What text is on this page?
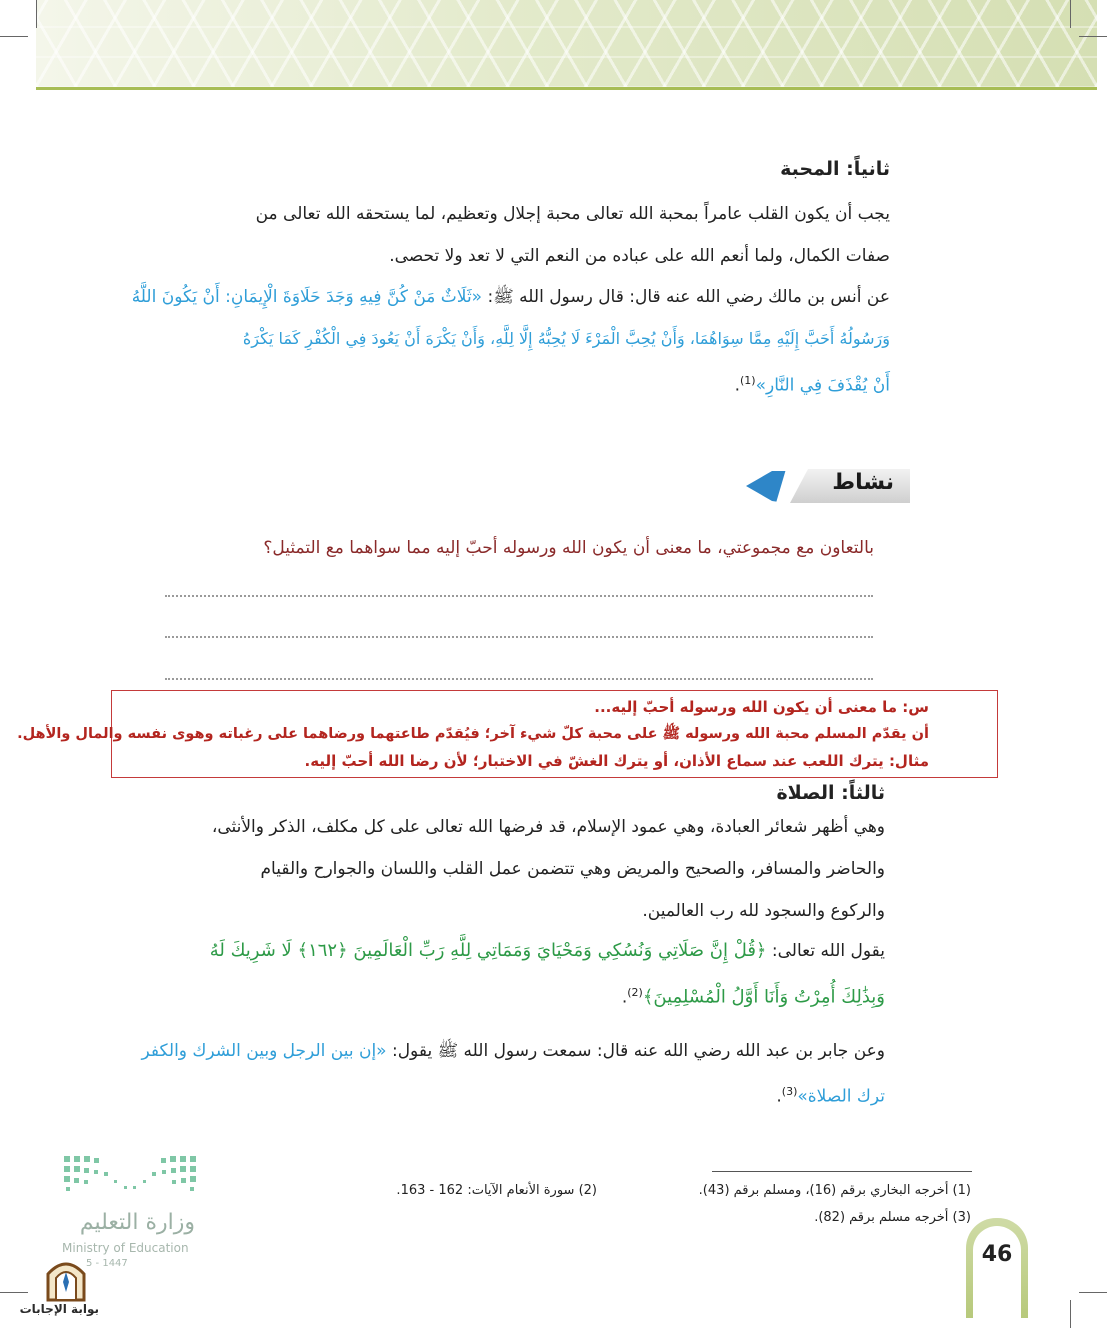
ثانياً: المحبة
يجب أن يكون القلب عامراً بمحبة الله تعالى محبة إجلال وتعظيم، لما يستحقه الله تعالى من
صفات الكمال، ولما أنعم الله على عباده من النعم التي لا تعد ولا تحصى.
عن أنس بن مالك رضي الله عنه قال: قال رسول الله ﷺ: «ثَلَاثٌ مَنْ كُنَّ فِيهِ وَجَدَ حَلَاوَةَ الْإِيمَانِ: أَنْ يَكُونَ اللَّهُ
وَرَسُولُهُ أَحَبَّ إِلَيْهِ مِمَّا سِوَاهُمَا، وَأَنْ يُحِبَّ الْمَرْءَ لَا يُحِبُّهُ إِلَّا لِلَّهِ، وَأَنْ يَكْرَهَ أَنْ يَعُودَ فِي الْكُفْرِ كَمَا يَكْرَهُ
أَنْ يُقْذَفَ فِي النَّارِ»$^{(1)}$.
نشاط
بالتعاون مع مجموعتي، ما معنى أن يكون الله ورسوله أحبّ إليه مما سواهما مع التمثيل؟
س: ما معنى أن يكون الله ورسوله أحبّ إليه...
أن يقدّم المسلم محبة الله ورسوله ﷺ على محبة كلّ شيء آخر؛ فيُقدّم طاعتهما ورضاهما على رغباته وهوى نفسه والمال والأهل.
مثال: يترك اللعب عند سماع الأذان، أو يترك الغشّ في الاختبار؛ لأن رضا الله أحبّ إليه.
ثالثاً: الصلاة
وهي أظهر شعائر العبادة، وهي عمود الإسلام، قد فرضها الله تعالى على كل مكلف، الذكر والأنثى،
والحاضر والمسافر، والصحيح والمريض وهي تتضمن عمل القلب واللسان والجوارح والقيام
والركوع والسجود لله رب العالمين.
يقول الله تعالى: ﴿قُلْ إِنَّ صَلَاتِي وَنُسُكِي وَمَحْيَايَ وَمَمَاتِي لِلَّهِ رَبِّ الْعَالَمِينَ ﴿١٦٢﴾ لَا شَرِيكَ لَهُ
وَبِذَٰلِكَ أُمِرْتُ وَأَنَا أَوَّلُ الْمُسْلِمِينَ﴾$^{(2)}$.
وعن جابر بن عبد الله رضي الله عنه قال: سمعت رسول الله ﷺ يقول: «إن بين الرجل وبين الشرك والكفر
ترك الصلاة»$^{(3)}$.
(1) أخرجه البخاري برقم (16)، ومسلم برقم (43).
(2) سورة الأنعام الآيات: 162 - 163.
(3) أخرجه مسلم برقم (82).
وزارة التعليم
Ministry of Education
5 - 1447
بوابة الإجابات
46
